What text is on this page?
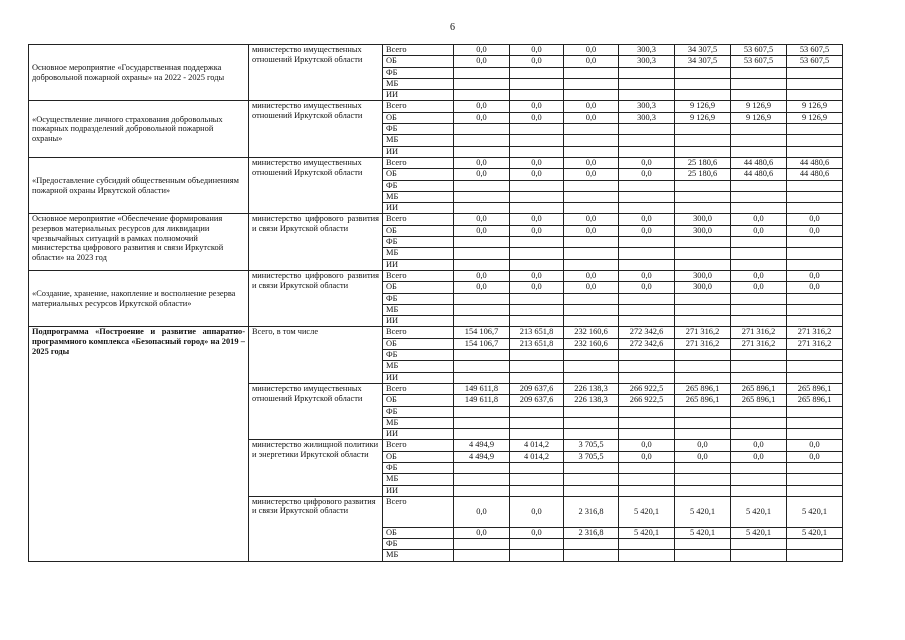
6
Основное мероприятие «Государственная поддержка добровольной пожарной охраны» на 2022 - 2025 годы	министерство имущественных отношений Иркутской области	Всего	0,0	0,0	0,0	300,3	34 307,5	53 607,5	53 607,5
		ОБ	0,0	0,0	0,0	300,3	34 307,5	53 607,5	53 607,5
		ФБ							
		МБ							
		ИИ							
«Осуществление личного страхования добровольных пожарных подразделений добровольной пожарной охраны»	министерство имущественных отношений Иркутской области	Всего	0,0	0,0	0,0	300,3	9 126,9	9 126,9	9 126,9
		ОБ	0,0	0,0	0,0	300,3	9 126,9	9 126,9	9 126,9
		ФБ							
		МБ							
		ИИ							
«Предоставление субсидий общественным объединениям пожарной охраны Иркутской области»	министерство имущественных отношений Иркутской области	Всего	0,0	0,0	0,0	0,0	25 180,6	44 480,6	44 480,6
		ОБ	0,0	0,0	0,0	0,0	25 180,6	44 480,6	44 480,6
		ФБ							
		МБ							
		ИИ							
Основное мероприятие «Обеспечение формирования резервов материальных ресурсов для ликвидации чрезвычайных ситуаций в рамках полномочий министерства цифрового развития и связи Иркутской области» на 2023 год	министерство цифрового развития и связи Иркутской области	Всего	0,0	0,0	0,0	0,0	300,0	0,0	0,0
		ОБ	0,0	0,0	0,0	0,0	300,0	0,0	0,0
		ФБ							
		МБ							
		ИИ							
«Создание, хранение, накопление и восполнение резерва материальных ресурсов Иркутской области»	министерство цифрового развития и связи Иркутской области	Всего	0,0	0,0	0,0	0,0	300,0	0,0	0,0
		ОБ	0,0	0,0	0,0	0,0	300,0	0,0	0,0
		ФБ							
		МБ							
		ИИ							
Подпрограмма «Построение и развитие аппаратно-программного комплекса «Безопасный город» на 2019 – 2025 годы	Всего, в том числе	Всего	154 106,7	213 651,8	232 160,6	272 342,6	271 316,2	271 316,2	271 316,2
		ОБ	154 106,7	213 651,8	232 160,6	272 342,6	271 316,2	271 316,2	271 316,2
		ФБ							
		МБ							
		ИИ							
	министерство имущественных отношений Иркутской области	Всего	149 611,8	209 637,6	226 138,3	266 922,5	265 896,1	265 896,1	265 896,1
		ОБ	149 611,8	209 637,6	226 138,3	266 922,5	265 896,1	265 896,1	265 896,1
		ФБ							
		МБ							
		ИИ							
	министерство жилищной политики и энергетики Иркутской области	Всего	4 494,9	4 014,2	3 705,5	0,0	0,0	0,0	0,0
		ОБ	4 494,9	4 014,2	3 705,5	0,0	0,0	0,0	0,0
		ФБ							
		МБ							
		ИИ							
	министерство цифрового развития и связи Иркутской области	Всего	0,0	0,0	2 316,8	5 420,1	5 420,1	5 420,1	5 420,1
		ОБ	0,0	0,0	2 316,8	5 420,1	5 420,1	5 420,1	5 420,1
		ФБ							
		МБ							
